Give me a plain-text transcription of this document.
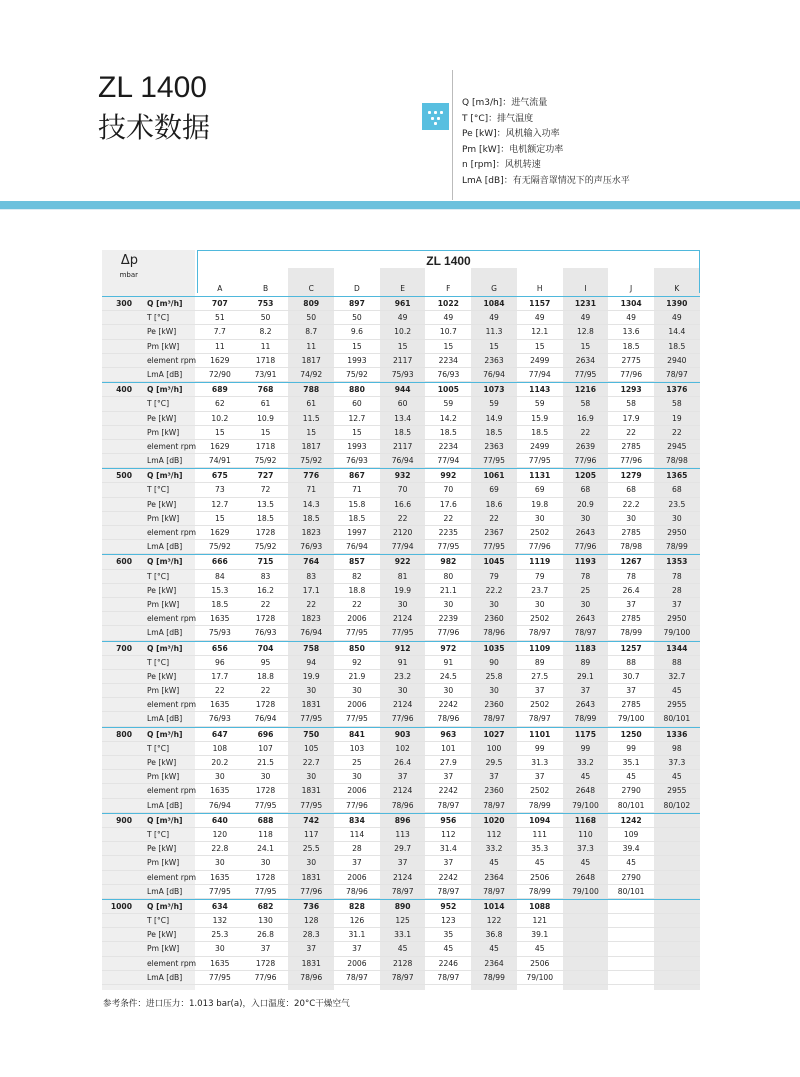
ZL 1400
技术数据
Q [m3/h]：进气流量
T [°C]：排气温度
Pe [kW]：风机输入功率
Pm [kW]：电机额定功率
n [rpm]：风机转速
LmA [dB]：有无隔音罩情况下的声压水平
Δp
mbar
ZL 1400
A	B	C	D	E	F	G	H	I	J	K
300 Q [m³/h]	707	753	809	897	961	1022	1084	1157	1231	1304	1390
T [°C]	51	50	50	50	49	49	49	49	49	49	49
Pe [kW]	7.7	8.2	8.7	9.6	10.2	10.7	11.3	12.1	12.8	13.6	14.4
Pm [kW]	11	11	11	15	15	15	15	15	15	18.5	18.5
element rpm	1629	1718	1817	1993	2117	2234	2363	2499	2634	2775	2940
LmA [dB]	72/90	73/91	74/92	75/92	75/93	76/93	76/94	77/94	77/95	77/96	78/97
400 Q [m³/h]	689	768	788	880	944	1005	1073	1143	1216	1293	1376
T [°C]	62	61	61	60	60	59	59	59	58	58	58
Pe [kW]	10.2	10.9	11.5	12.7	13.4	14.2	14.9	15.9	16.9	17.9	19
Pm [kW]	15	15	15	15	18.5	18.5	18.5	18.5	22	22	22
element rpm	1629	1718	1817	1993	2117	2234	2363	2499	2639	2785	2945
LmA [dB]	74/91	75/92	75/92	76/93	76/94	77/94	77/95	77/95	77/96	77/96	78/98
500 Q [m³/h]	675	727	776	867	932	992	1061	1131	1205	1279	1365
T [°C]	73	72	71	71	70	70	69	69	68	68	68
Pe [kW]	12.7	13.5	14.3	15.8	16.6	17.6	18.6	19.8	20.9	22.2	23.5
Pm [kW]	15	18.5	18.5	18.5	22	22	22	30	30	30	30
element rpm	1629	1728	1823	1997	2120	2235	2367	2502	2643	2785	2950
LmA [dB]	75/92	75/92	76/93	76/94	77/94	77/95	77/95	77/96	77/96	78/98	78/99
600 Q [m³/h]	666	715	764	857	922	982	1045	1119	1193	1267	1353
T [°C]	84	83	83	82	81	80	79	79	78	78	78
Pe [kW]	15.3	16.2	17.1	18.8	19.9	21.1	22.2	23.7	25	26.4	28
Pm [kW]	18.5	22	22	22	30	30	30	30	30	37	37
element rpm	1635	1728	1823	2006	2124	2239	2360	2502	2643	2785	2950
LmA [dB]	75/93	76/93	76/94	77/95	77/95	77/96	78/96	78/97	78/97	78/99	79/100
700 Q [m³/h]	656	704	758	850	912	972	1035	1109	1183	1257	1344
T [°C]	96	95	94	92	91	91	90	89	89	88	88
Pe [kW]	17.7	18.8	19.9	21.9	23.2	24.5	25.8	27.5	29.1	30.7	32.7
Pm [kW]	22	22	30	30	30	30	30	37	37	37	45
element rpm	1635	1728	1831	2006	2124	2242	2360	2502	2643	2785	2955
LmA [dB]	76/93	76/94	77/95	77/95	77/96	78/96	78/97	78/97	78/99	79/100	80/101
800 Q [m³/h]	647	696	750	841	903	963	1027	1101	1175	1250	1336
T [°C]	108	107	105	103	102	101	100	99	99	99	98
Pe [kW]	20.2	21.5	22.7	25	26.4	27.9	29.5	31.3	33.2	35.1	37.3
Pm [kW]	30	30	30	30	37	37	37	37	45	45	45
element rpm	1635	1728	1831	2006	2124	2242	2360	2502	2648	2790	2955
LmA [dB]	76/94	77/95	77/95	77/96	78/96	78/97	78/97	78/99	79/100	80/101	80/102
900 Q [m³/h]	640	688	742	834	896	956	1020	1094	1168	1242
T [°C]	120	118	117	114	113	112	112	111	110	109
Pe [kW]	22.8	24.1	25.5	28	29.7	31.4	33.2	35.3	37.3	39.4
Pm [kW]	30	30	30	37	37	37	45	45	45	45
element rpm	1635	1728	1831	2006	2124	2242	2364	2506	2648	2790
LmA [dB]	77/95	77/95	77/96	78/96	78/97	78/97	78/97	78/99	79/100	80/101
1000 Q [m³/h]	634	682	736	828	890	952	1014	1088
T [°C]	132	130	128	126	125	123	122	121
Pe [kW]	25.3	26.8	28.3	31.1	33.1	35	36.8	39.1
Pm [kW]	30	37	37	37	45	45	45	45
element rpm	1635	1728	1831	2006	2128	2246	2364	2506
LmA [dB]	77/95	77/96	78/96	78/97	78/97	78/97	78/99	79/100
参考条件：进口压力：1.013 bar(a)，入口温度：20°C干燥空气
